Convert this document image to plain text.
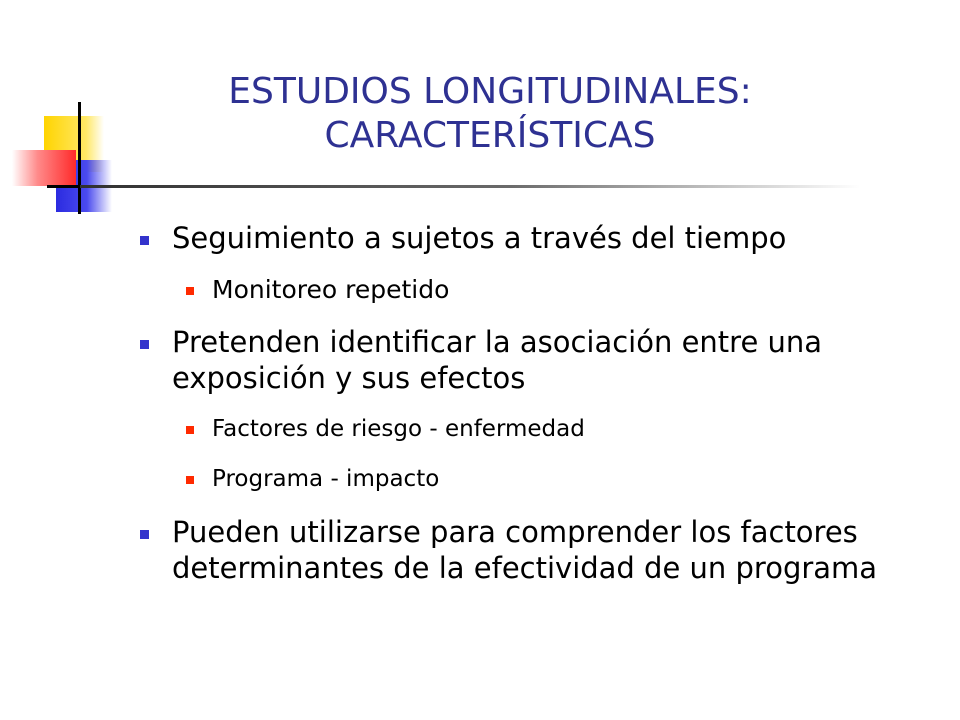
ESTUDIOS LONGITUDINALES:
CARACTERÍSTICAS
Seguimiento a sujetos a través del tiempo
Monitoreo repetido
Pretenden identificar la asociación entre una exposición y sus efectos
Factores de riesgo - enfermedad
Programa - impacto
Pueden utilizarse para comprender los factores determinantes de la efectividad de un programa
